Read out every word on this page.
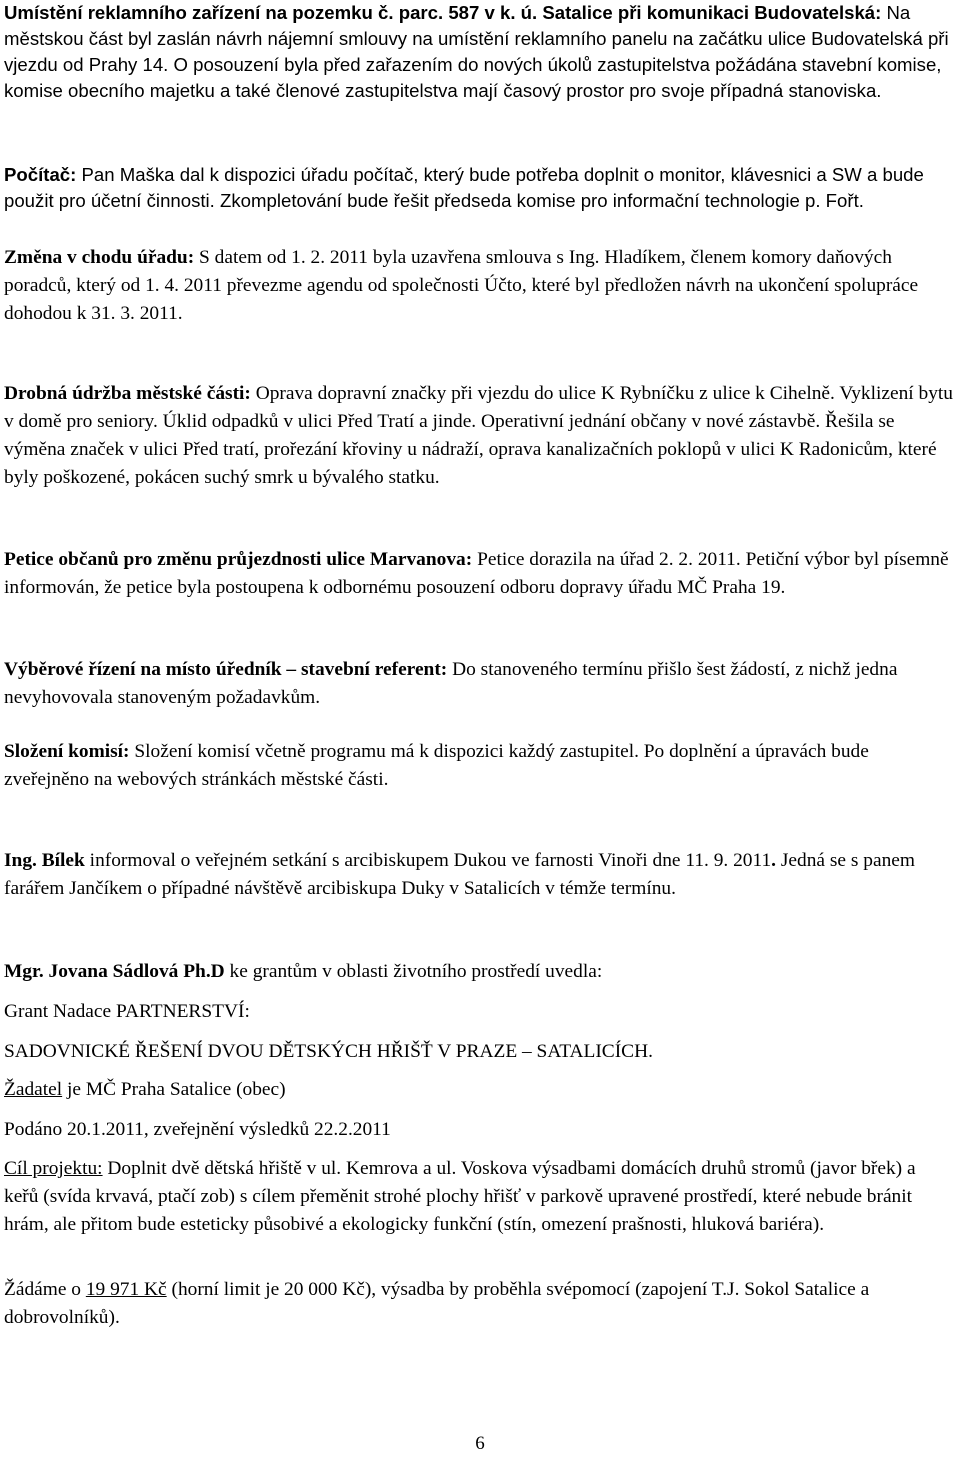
Umístění reklamního zařízení na pozemku č. parc. 587 v k. ú. Satalice při komunikaci Budovatelská: Na městskou část byl zaslán návrh nájemní smlouvy na umístění reklamního panelu na začátku ulice Budovatelská při vjezdu od Prahy 14. O posouzení byla před zařazením do nových úkolů zastupitelstva požádána stavební komise, komise obecního majetku a také členové zastupitelstva mají časový prostor pro svoje případná stanoviska.

Počítač: Pan Maška dal k dispozici úřadu počítač, který bude potřeba doplnit o monitor, klávesnici a SW a bude použit pro účetní činnosti. Zkompletování bude řešit předseda komise pro informační technologie p. Fořt.

Změna v chodu úřadu: S datem od 1. 2. 2011 byla uzavřena smlouva s Ing. Hladíkem, členem komory daňových poradců, který od 1. 4. 2011 převezme agendu od společnosti Účto, které byl předložen návrh na ukončení spolupráce dohodou k 31. 3. 2011.

Drobná údržba městské části: Oprava dopravní značky při vjezdu do ulice K Rybníčku z ulice k Cihelně. Vyklizení bytu v domě pro seniory. Úklid odpadků v ulici Před Tratí a jinde. Operativní jednání občany v nové zástavbě. Řešila se výměna značek v ulici Před tratí, prořezání křoviny u nádraží, oprava kanalizačních poklopů v ulici K Radonicům, které byly poškozené, pokácen suchý smrk u bývalého statku.

Petice občanů pro změnu průjezdnosti ulice Marvanova: Petice dorazila na úřad 2. 2. 2011. Petiční výbor byl písemně informován, že petice byla postoupena k odbornému posouzení odboru dopravy úřadu MČ Praha 19.

Výběrové řízení na místo úředník – stavební referent: Do stanoveného termínu přišlo šest žádostí, z nichž jedna nevyhovovala stanoveným požadavkům.

Složení komisí: Složení komisí včetně programu má k dispozici každý zastupitel. Po doplnění a úpravách bude zveřejněno na webových stránkách městské části.

Ing. Bílek informoval o veřejném setkání s arcibiskupem Dukou ve farnosti Vinoři dne 11. 9. 2011. Jedná se s panem farářem Jančíkem o případné návštěvě arcibiskupa Duky v Satalicích v témže termínu.

Mgr. Jovana Sádlová Ph.D ke grantům v oblasti životního prostředí uvedla:

Grant Nadace PARTNERSTVÍ:

SADOVNICKÉ ŘEŠENÍ DVOU DĚTSKÝCH HŘIŠŤ V PRAZE – SATALICÍCH.

Žadatel je MČ Praha Satalice (obec)

Podáno 20.1.2011, zveřejnění výsledků 22.2.2011

Cíl projektu: Doplnit dvě dětská hřiště v ul. Kemrova a ul. Voskova výsadbami domácích druhů stromů (javor břek) a keřů (svída krvavá, ptačí zob) s cílem přeměnit strohé plochy hřišť v parkově upravené prostředí, které nebude bránit hrám, ale přitom bude esteticky působivé a ekologicky funkční (stín, omezení prašnosti, hluková bariéra).

Žádáme o 19 971 Kč (horní limit je 20 000 Kč), výsadba by proběhla svépomocí (zapojení T.J. Sokol Satalice a dobrovolníků).

6
